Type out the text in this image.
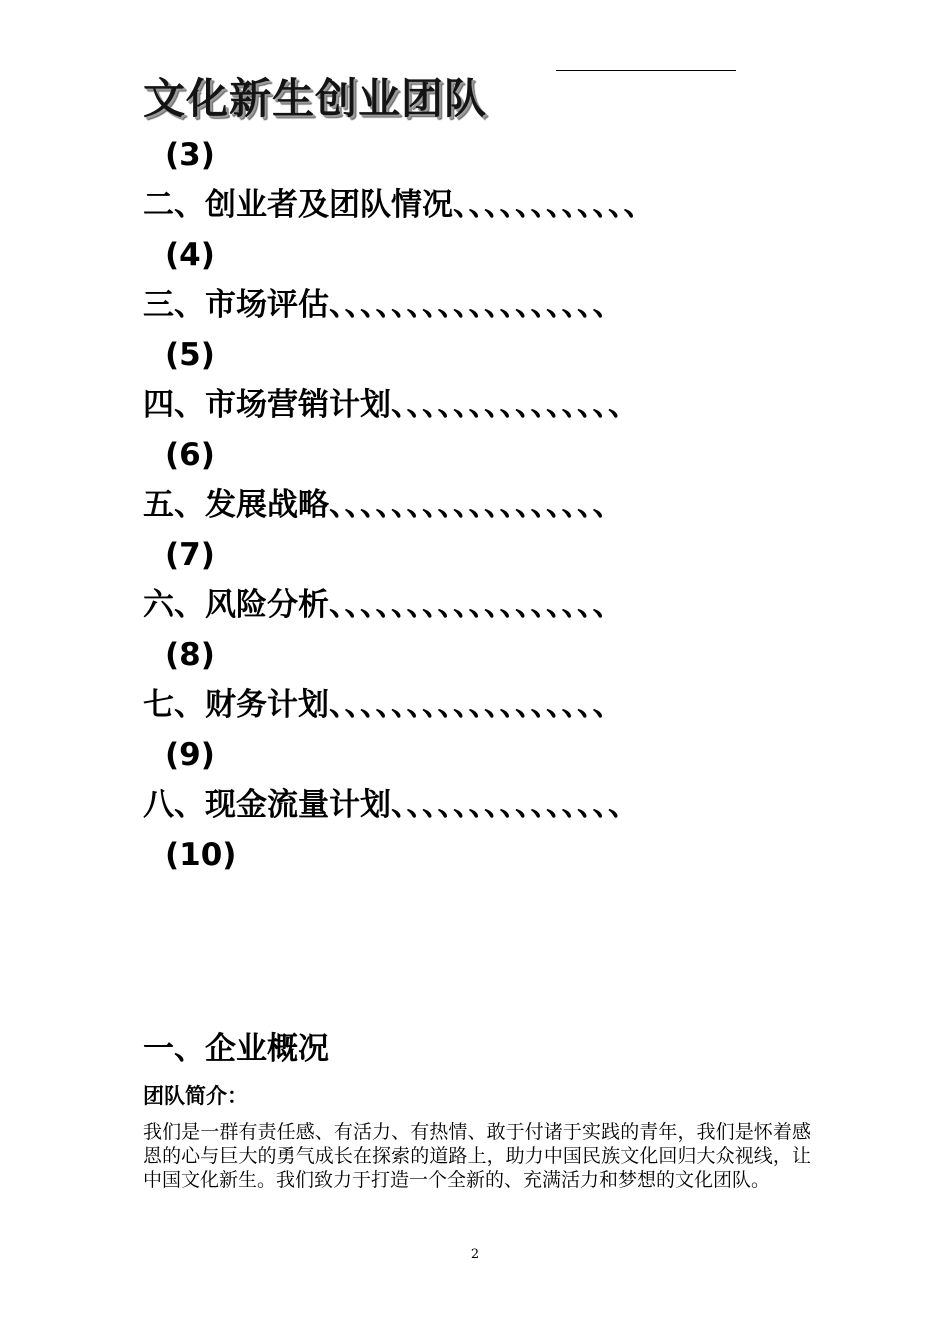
文化新生创业团队
(3)
二、创业者及团队情况、、、、、、、、、、、、
(4)
三、市场评估、、、、、、、、、、、、、、、、、、
(5)
四、市场营销计划、、、、、、、、、、、、、、、
(6)
五、发展战略、、、、、、、、、、、、、、、、、、
(7)
六、风险分析、、、、、、、、、、、、、、、、、、
(8)
七、财务计划、、、、、、、、、、、、、、、、、、
(9)
八、现金流量计划、、、、、、、、、、、、、、、
(10)
一、企业概况
团队简介：

我们是一群有责任感、有活力、有热情、敢于付诸于实践的青年，我们是怀着感恩的心与巨大的勇气成长在探索的道路上，助力中国民族文化回归大众视线，让中国文化新生。我们致力于打造一个全新的、充满活力和梦想的文化团队。

2
